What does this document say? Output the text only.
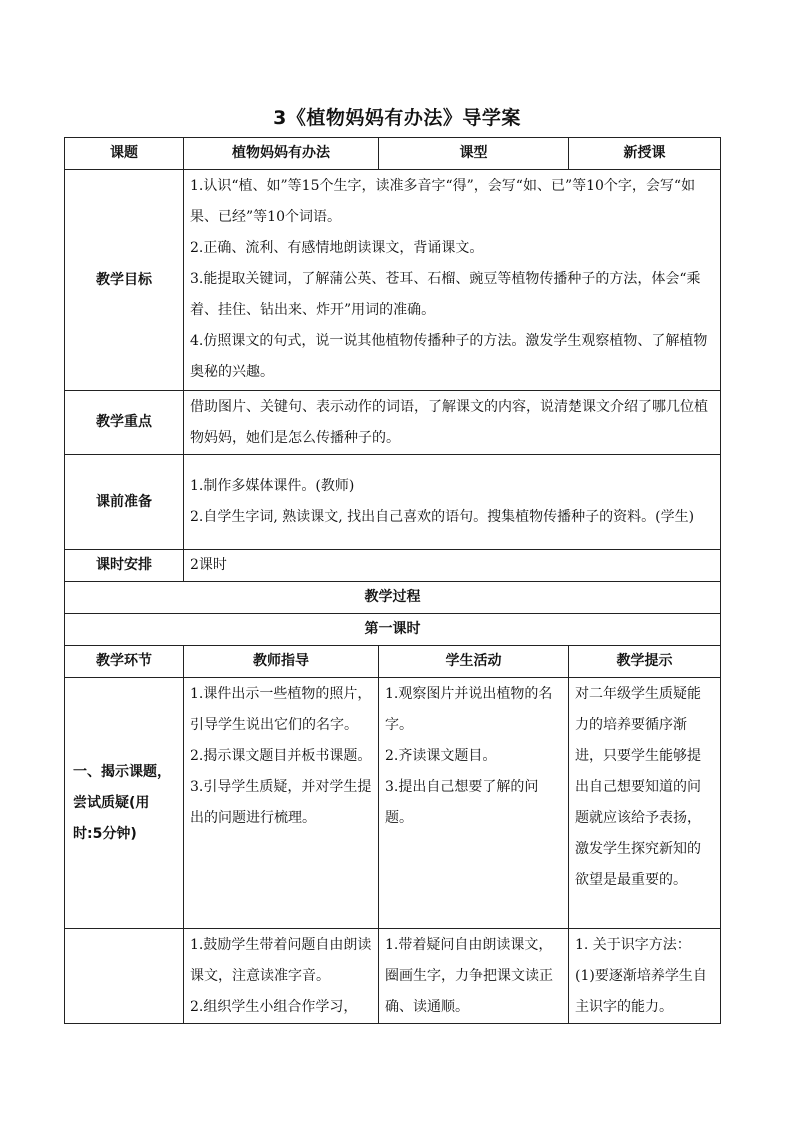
3《植物妈妈有办法》导学案
课题	植物妈妈有办法	课型	新授课
教学目标	1.认识“植、如”等15个生字，读准多音字“得”，会写“如、已”等10个字，会写“如果、已经”等10个词语。
2.正确、流利、有感情地朗读课文，背诵课文。
3.能提取关键词，了解蒲公英、苍耳、石榴、豌豆等植物传播种子的方法，体会“乘着、挂住、钻出来、炸开”用词的准确。
4.仿照课文的句式，说一说其他植物传播种子的方法。激发学生观察植物、了解植物奥秘的兴趣。		

教学重点	借助图片、关键句、表示动作的词语，了解课文的内容，说清楚课文介绍了哪几位植物妈妈，她们是怎么传播种子的。		
课前准备	1.制作多媒体课件。(教师)
2.自学生字词, 熟读课文, 找出自己喜欢的语句。搜集植物传播种子的资料。(学生)		

课时安排	2课时		
教学过程			
第一课时			
教学环节	教师指导	学生活动	教学提示
一、揭示课题，尝试质疑(用时:5分钟)	1.课件出示一些植物的照片，引导学生说出它们的名字。
2.揭示课文题目并板书课题。
3.引导学生质疑，并对学生提出的问题进行梳理。	1.观察图片并说出植物的名字。
2.齐读课文题目。
3.提出自己想要了解的问题。	对二年级学生质疑能力的培养要循序渐进，只要学生能够提出自己想要知道的问题就应该给予表扬，激发学生探究新知的欲望是最重要的。

	1.鼓励学生带着问题自由朗读课文，注意读准字音。
2.组织学生小组合作学习，	1.带着疑问自由朗读课文，圈画生字，力争把课文读正确、读通顺。	1. 关于识字方法：
(1)要逐渐培养学生自主识字的能力。
